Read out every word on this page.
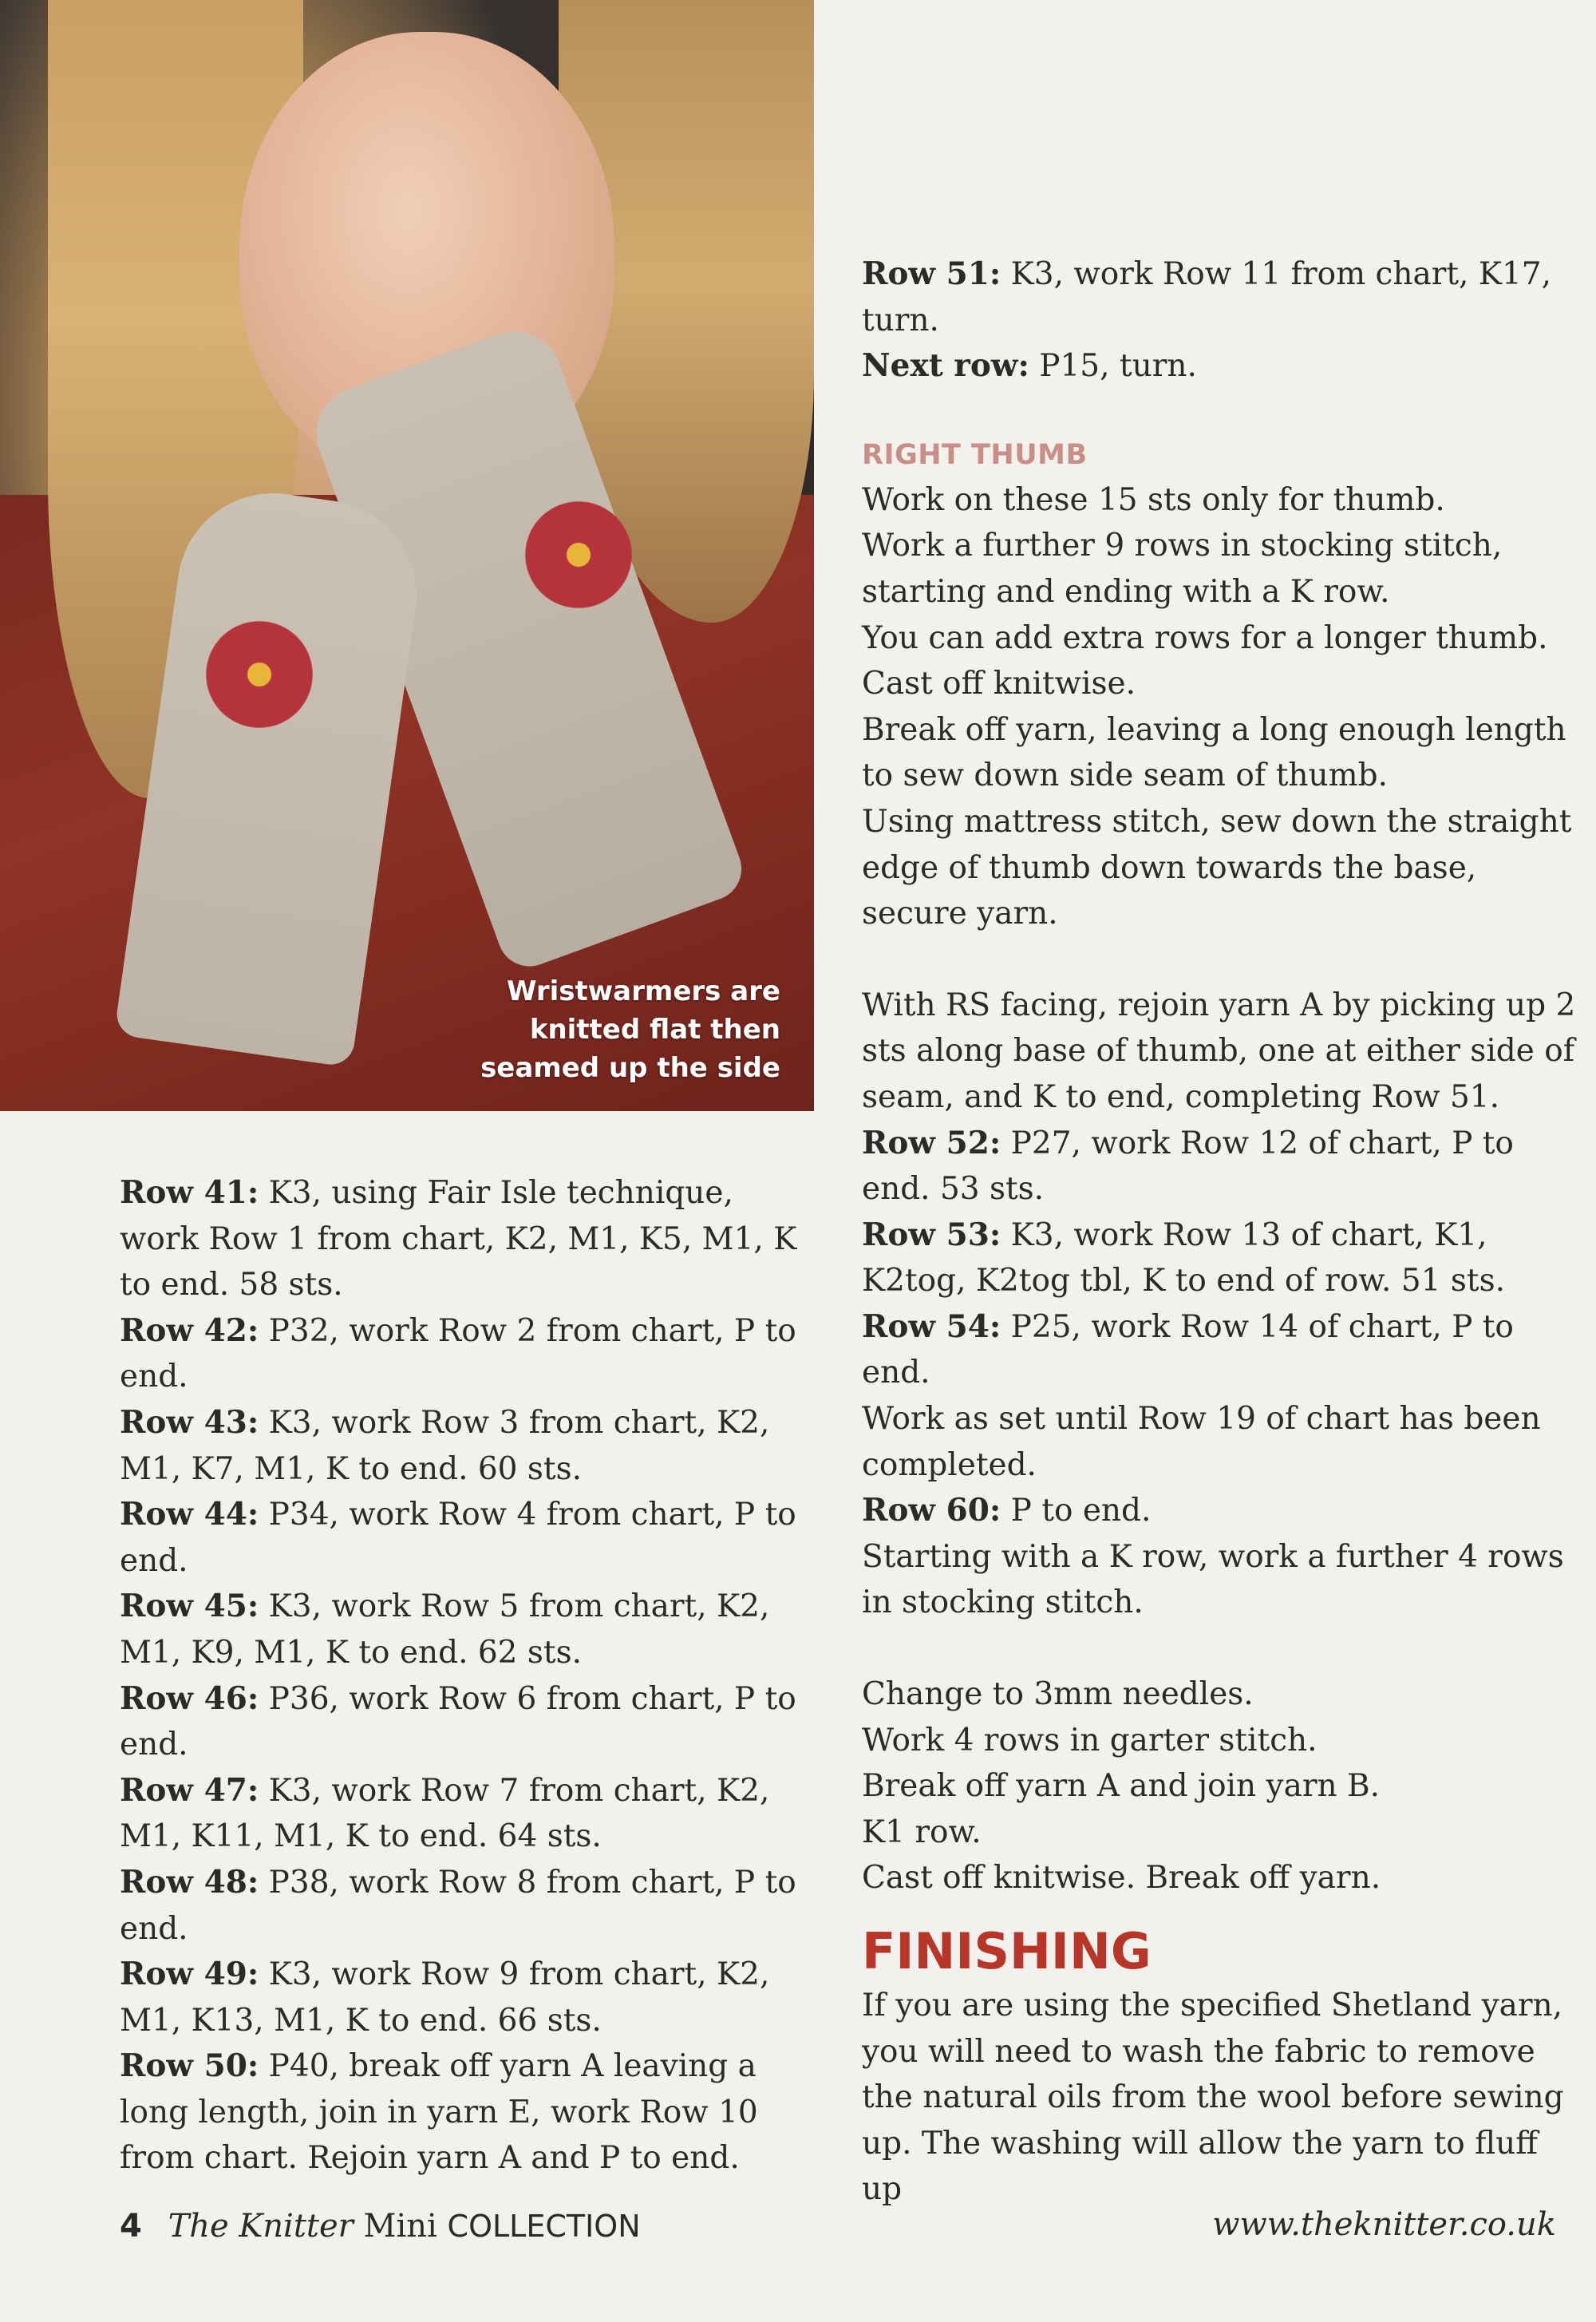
Wristwarmers are
knitted flat then
seamed up the side

Row 41: K3, using Fair Isle technique, work Row 1 from chart, K2, M1, K5, M1, K to end. 58 sts.

Row 42: P32, work Row 2 from chart, P to end.

Row 43: K3, work Row 3 from chart, K2, M1, K7, M1, K to end. 60 sts.

Row 44: P34, work Row 4 from chart, P to end.

Row 45: K3, work Row 5 from chart, K2, M1, K9, M1, K to end. 62 sts.

Row 46: P36, work Row 6 from chart, P to end.

Row 47: K3, work Row 7 from chart, K2, M1, K11, M1, K to end. 64 sts.

Row 48: P38, work Row 8 from chart, P to end.

Row 49: K3, work Row 9 from chart, K2, M1, K13, M1, K to end. 66 sts.

Row 50: P40, break off yarn A leaving a long length, join in yarn E, work Row 10 from chart. Rejoin yarn A and P to end.

Row 51: K3, work Row 11 from chart, K17, turn.

Next row: P15, turn.

RIGHT THUMB

Work on these 15 sts only for thumb.

Work a further 9 rows in stocking stitch, starting and ending with a K row.

You can add extra rows for a longer thumb.

Cast off knitwise.

Break off yarn, leaving a long enough length to sew down side seam of thumb.

Using mattress stitch, sew down the straight edge of thumb down towards the base, secure yarn.

With RS facing, rejoin yarn A by picking up 2 sts along base of thumb, one at either side of seam, and K to end, completing Row 51.

Row 52: P27, work Row 12 of chart, P to end. 53 sts.

Row 53: K3, work Row 13 of chart, K1, K2tog, K2tog tbl, K to end of row. 51 sts.

Row 54: P25, work Row 14 of chart, P to end.

Work as set until Row 19 of chart has been completed.

Row 60: P to end.

Starting with a K row, work a further 4 rows in stocking stitch.

Change to 3mm needles.

Work 4 rows in garter stitch.

Break off yarn A and join yarn B.

K1 row.

Cast off knitwise. Break off yarn.

FINISHING

If you are using the specified Shetland yarn, you will need to wash the fabric to remove the natural oils from the wool before sewing up. The washing will allow the yarn to fluff up

4 The Knitter Mini COLLECTION	www.theknitter.co.uk
